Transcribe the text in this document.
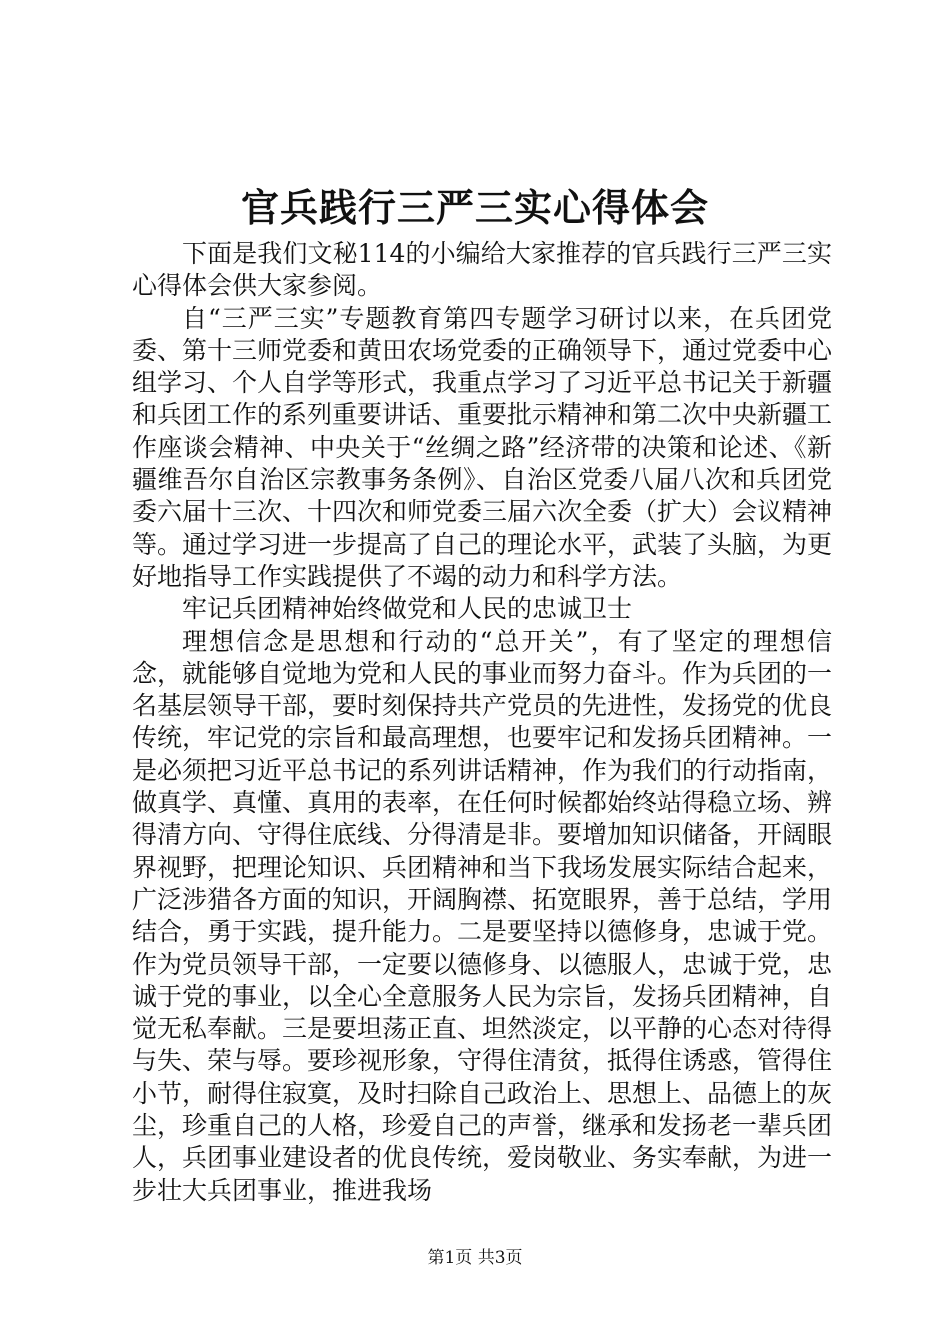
官兵践行三严三实心得体会

下面是我们文秘114的小编给大家推荐的官兵践行三严三实心得体会供大家参阅。

自“三严三实”专题教育第四专题学习研讨以来，在兵团党委、第十三师党委和黄田农场党委的正确领导下，通过党委中心组学习、个人自学等形式，我重点学习了习近平总书记关于新疆和兵团工作的系列重要讲话、重要批示精神和第二次中央新疆工作座谈会精神、中央关于“丝绸之路”经济带的决策和论述、《新疆维吾尔自治区宗教事务条例》、自治区党委八届八次和兵团党委六届十三次、十四次和师党委三届六次全委（扩大）会议精神等。通过学习进一步提高了自己的理论水平，武装了头脑，为更好地指导工作实践提供了不竭的动力和科学方法。

牢记兵团精神始终做党和人民的忠诚卫士

理想信念是思想和行动的“总开关”，有了坚定的理想信念，就能够自觉地为党和人民的事业而努力奋斗。作为兵团的一名基层领导干部，要时刻保持共产党员的先进性，发扬党的优良传统，牢记党的宗旨和最高理想，也要牢记和发扬兵团精神。一是必须把习近平总书记的系列讲话精神，作为我们的行动指南，做真学、真懂、真用的表率，在任何时候都始终站得稳立场、辨得清方向、守得住底线、分得清是非。要增加知识储备，开阔眼界视野，把理论知识、兵团精神和当下我场发展实际结合起来，广泛涉猎各方面的知识，开阔胸襟、拓宽眼界，善于总结，学用结合，勇于实践，提升能力。二是要坚持以德修身，忠诚于党。作为党员领导干部，一定要以德修身、以德服人，忠诚于党，忠诚于党的事业，以全心全意服务人民为宗旨，发扬兵团精神，自觉无私奉献。三是要坦荡正直、坦然淡定，以平静的心态对待得与失、荣与辱。要珍视形象，守得住清贫，抵得住诱惑，管得住小节，耐得住寂寞，及时扫除自己政治上、思想上、品德上的灰尘，珍重自己的人格，珍爱自己的声誉，继承和发扬老一辈兵团人，兵团事业建设者的优良传统，爱岗敬业、务实奉献，为进一步壮大兵团事业，推进我场

第1页 共3页
